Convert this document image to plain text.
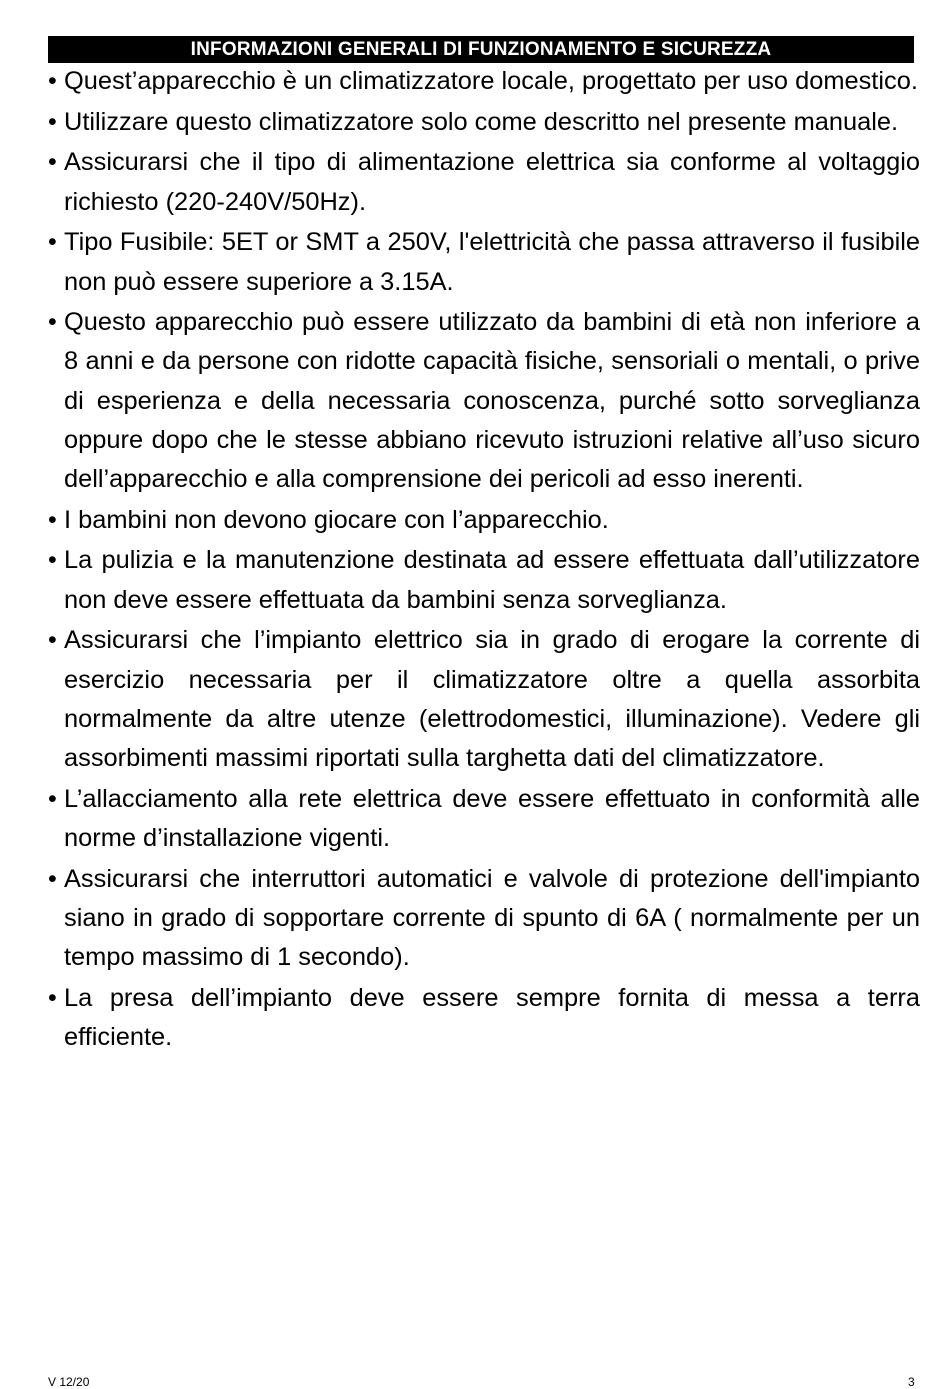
INFORMAZIONI GENERALI DI FUNZIONAMENTO E SICUREZZA
• Quest’apparecchio è un climatizzatore locale, progettato per uso domestico.
• Utilizzare questo climatizzatore solo come descritto nel presente manuale.
• Assicurarsi che il tipo di alimentazione elettrica sia conforme al voltaggio richiesto (220-240V/50Hz).
• Tipo Fusibile: 5ET or SMT a 250V, l'elettricità che passa attraverso il fusibile non può essere superiore a 3.15A.
• Questo apparecchio può essere utilizzato da bambini di età non inferiore a 8 anni e da persone con ridotte capacità fisiche, sensoriali o mentali, o prive di esperienza e della necessaria conoscenza, purché sotto sorveglianza oppure dopo che le stesse abbiano ricevuto istruzioni relative all’uso sicuro dell’apparecchio e alla comprensione dei pericoli ad esso inerenti.
• I bambini non devono giocare con l’apparecchio.
• La pulizia e la manutenzione destinata ad essere effettuata dall’utilizzatore non deve essere effettuata da bambini senza sorveglianza.
• Assicurarsi che l’impianto elettrico sia in grado di erogare la corrente di esercizio necessaria per il climatizzatore oltre a quella assorbita normalmente da altre utenze (elettrodomestici, illuminazione). Vedere gli assorbimenti massimi riportati sulla targhetta dati del climatizzatore.
• L’allacciamento alla rete elettrica deve essere effettuato in conformità alle norme d’installazione vigenti.
• Assicurarsi che interruttori automatici e valvole di protezione dell'impianto siano in grado di sopportare corrente di spunto di 6A ( normalmente per un tempo massimo di 1 secondo).
• La presa dell’impianto deve essere sempre fornita di messa a terra efficiente.
V 12/20	3
